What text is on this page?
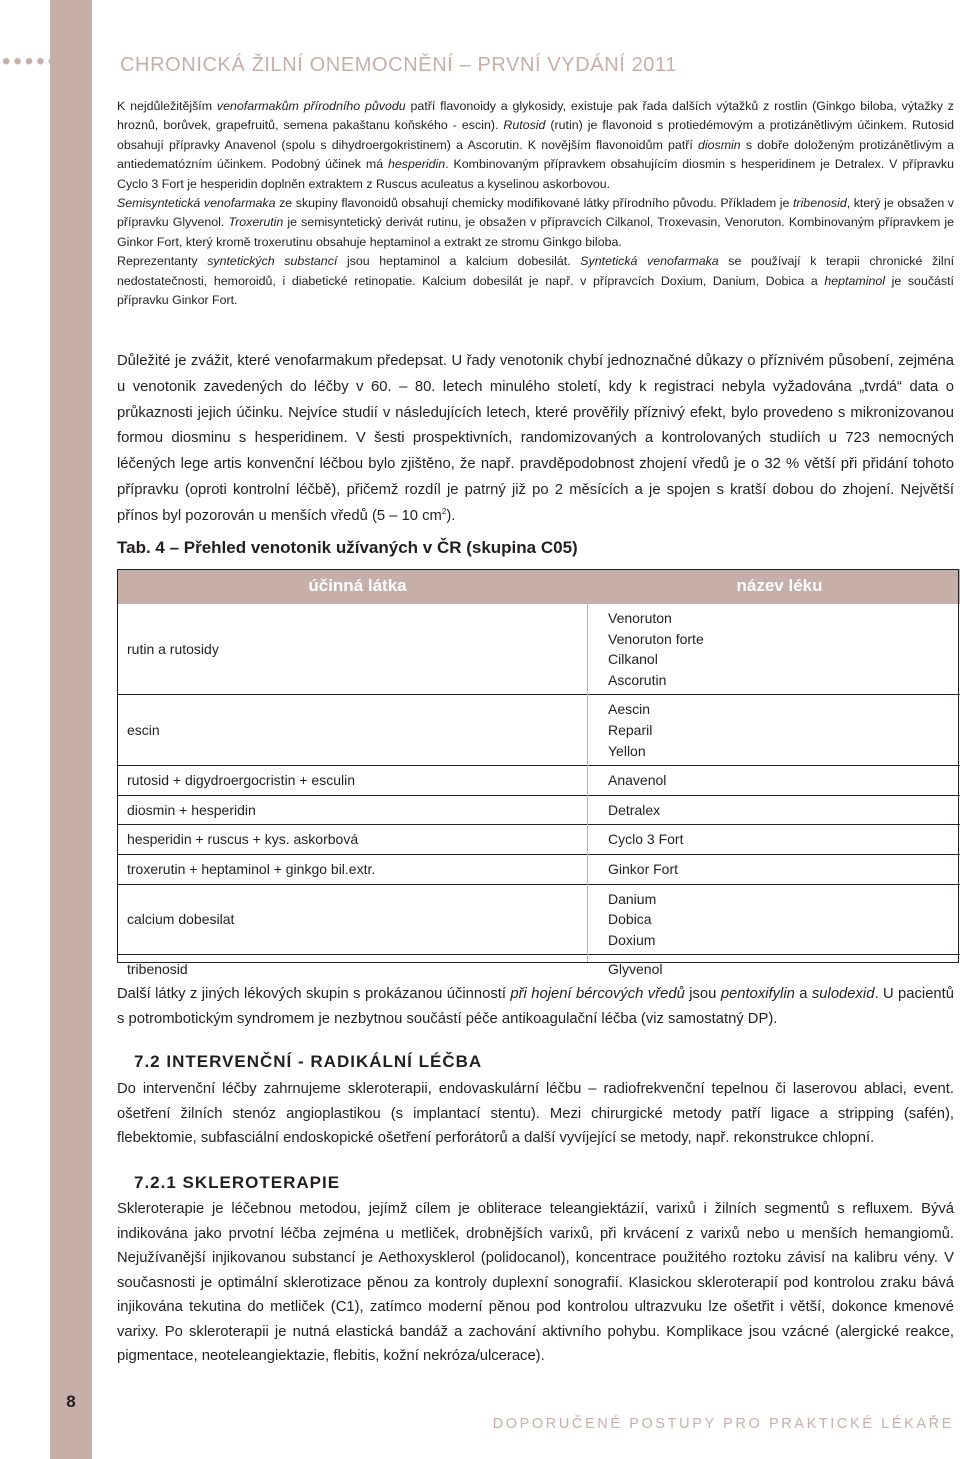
8
•••••.. CHRONICKÁ ŽILNÍ ONEMOCNĚNÍ – PRVNÍ VYDÁNÍ 2011

K nejdůležitějším venofarmakům přírodního původu patří flavonoidy a glykosidy, existuje pak řada dalších výtažků z rostlin (Ginkgo biloba, výtažky z hroznů, borůvek, grapefruitů, semena pakaštanu koňského - escin). Rutosid (rutin) je flavonoid s protiedémovým a protizánětlivým účinkem. Rutosid obsahují přípravky Anavenol (spolu s dihydroergokristinem) a Ascorutin. K novějším flavonoidům patří diosmin s dobře doloženým protizánětlivým a antiedematózním účinkem. Podobný účinek má hesperidin. Kombinovaným přípravkem obsahujícím diosmin s hesperidinem je Detralex. V přípravku Cyclo 3 Fort je hesperidin doplněn extraktem z Ruscus aculeatus a kyselinou askorbovou.

Semisyntetická venofarmaka ze skupiny flavonoidů obsahují chemicky modifikované látky přírodního původu. Příkladem je tribenosid, který je obsažen v přípravku Glyvenol. Troxerutin je semisyntetický derivát rutinu, je obsažen v přípravcích Cilkanol, Troxevasin, Venoruton. Kombinovaným přípravkem je Ginkor Fort, který kromě troxerutinu obsahuje heptaminol a extrakt ze stromu Ginkgo biloba.

Reprezentanty syntetických substancí jsou heptaminol a kalcium dobesilát. Syntetická venofarmaka se používají k terapii chronické žilní nedostatečnosti, hemoroidů, i diabetické retinopatie. Kalcium dobesilát je např. v přípravcích Doxium, Danium, Dobica a heptaminol je součástí přípravku Ginkor Fort.

Důležité je zvážit, které venofarmakum předepsat. U řady venotonik chybí jednoznačné důkazy o příznivém působení, zejména u venotonik zavedených do léčby v 60. – 80. letech minulého století, kdy k registraci nebyla vyžadována „tvrdá“ data o průkaznosti jejich účinku. Nejvíce studií v následujících letech, které prověřily příznivý efekt, bylo provedeno s mikronizovanou formou diosminu s hesperidinem. V šesti prospektivních, randomizovaných a kontrolovaných studiích u 723 nemocných léčených lege artis konvenční léčbou bylo zjištěno, že např. pravděpodobnost zhojení vředů je o 32 % větší při přidání tohoto přípravku (oproti kontrolní léčbě), přičemž rozdíl je patrný již po 2 měsících a je spojen s kratší dobou do zhojení. Největší přínos byl pozorován u menších vředů (5 – 10 $cm^2$).

Tab. 4 – Přehled venotonik užívaných v ČR (skupina C05)
účinná látka	název léku
rutin a rutosidy	Venoruton
Venoruton forte
Cilkanol
Ascorutin

escin	Aescin
Reparil
Yellon

rutosid + digydroergocristin + esculin	Anavenol

diosmin + hesperidin	Detralex

hesperidin + ruscus + kys. askorbová	Cyclo 3 Fort

troxerutin + heptaminol + ginkgo bil.extr.	Ginkor Fort

calcium dobesilat	Danium
Dobica
Doxium

tribenosid	Glyvenol

Další látky z jiných lékových skupin s prokázanou účinností při hojení bércových vředů jsou pentoxifylin a sulodexid. U pacientů s potrombotickým syndromem je nezbytnou součástí péče antikoagulační léčba (viz samostatný DP).

7.2 INTERVENČNÍ - RADIKÁLNÍ LÉČBA

Do intervenční léčby zahrnujeme skleroterapii, endovaskulární léčbu – radiofrekvenční tepelnou či laserovou ablaci, event. ošetření žilních stenóz angioplastikou (s implantací stentu). Mezi chirurgické metody patří ligace a stripping (safén), flebektomie, subfasciální endoskopické ošetření perforátorů a další vyvíjející se metody, např. rekonstrukce chlopní.

7.2.1 SKLEROTERAPIE

Skleroterapie je léčebnou metodou, jejímž cílem je obliterace teleangiektázií, varixů i žilních segmentů s refluxem. Bývá indikována jako prvotní léčba zejména u metliček, drobnějších varixů, při krvácení z varixů nebo u menších hemangiomů. Nejužívanější injikovanou substancí je Aethoxysklerol (polidocanol), koncentrace použitého roztoku závisí na kalibru vény. V současnosti je optimální sklerotizace pěnou za kontroly duplexní sonografií. Klasickou skleroterapií pod kontrolou zraku bává injikována tekutina do metliček (C1), zatímco moderní pěnou pod kontrolou ultrazvuku lze ošetřit i větší, dokonce kmenové varixy. Po skleroterapii je nutná elastická bandáž a zachování aktivního pohybu. Komplikace jsou vzácné (alergické reakce, pigmentace, neoteleangiektazie, flebitis, kožní nekróza/ulcerace).

DOPORUČENÉ POSTUPY PRO PRAKTICKÉ LÉKAŘE
